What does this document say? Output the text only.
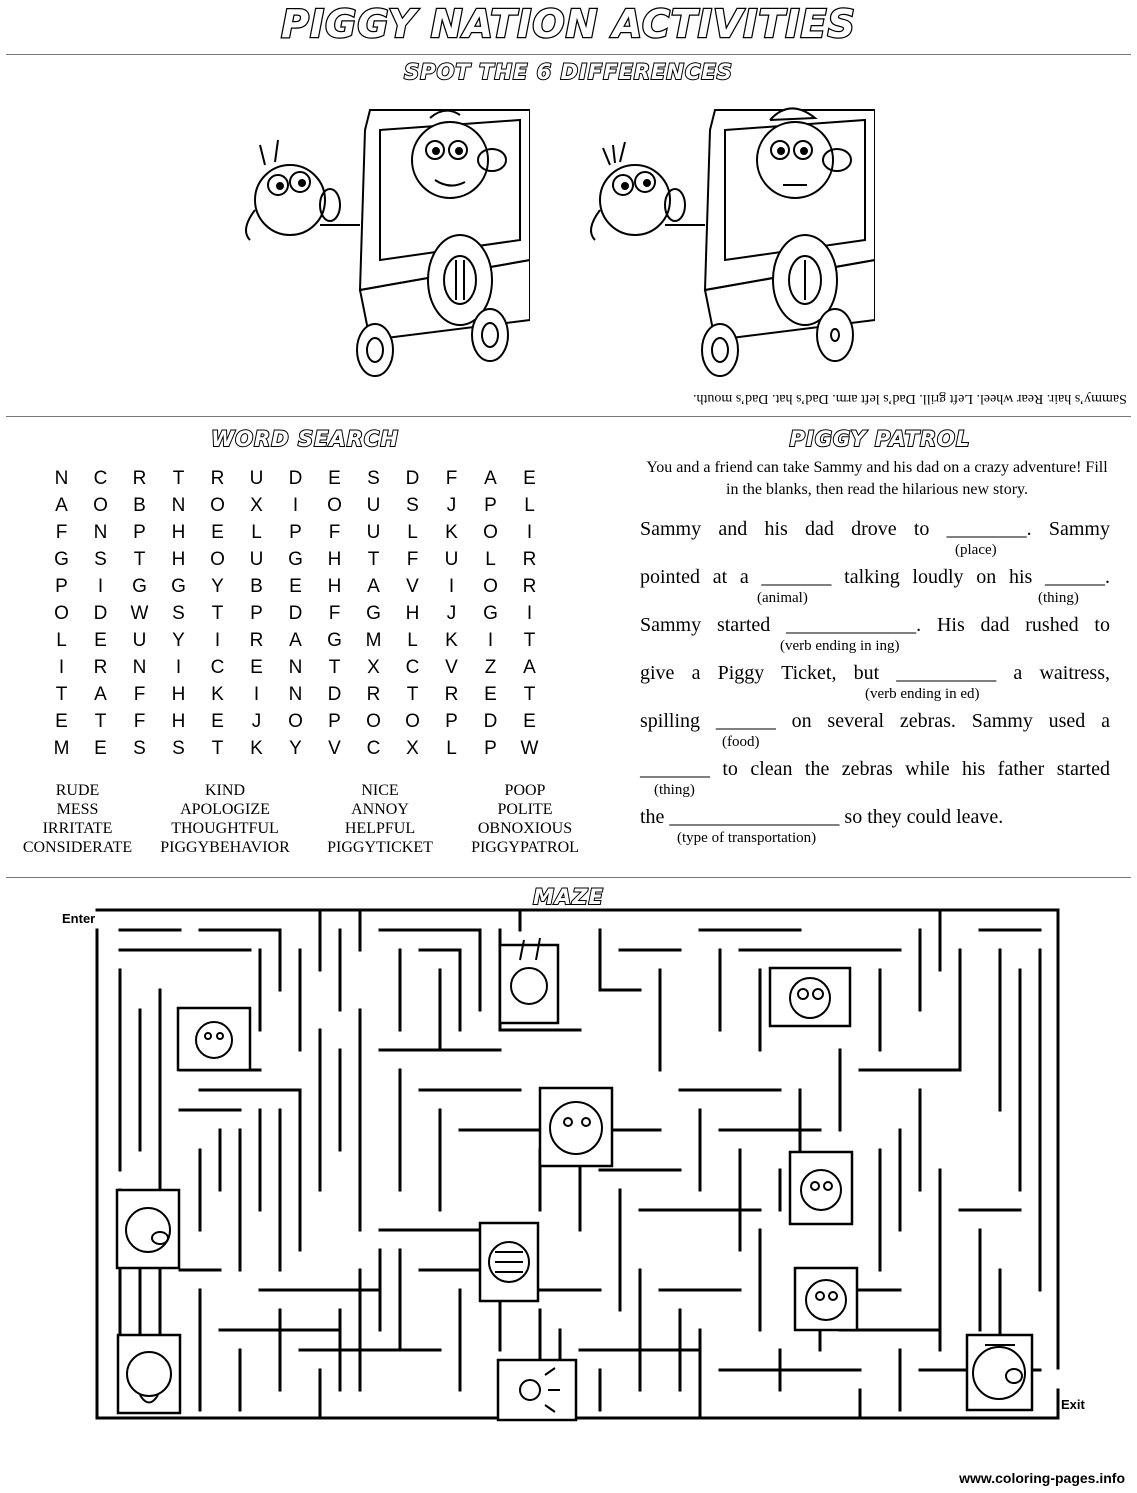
PIGGY NATION ACTIVITIES
SPOT THE 6 DIFFERENCES
Sammy’s hair. Rear wheel. Left grill. Dad’s left arm. Dad’s hat. Dad’s mouth.
WORD SEARCH
N	C	R	T	R	U	D	E	S	D	F	A	E
A	O	B	N	O	X	I	O	U	S	J	P	L
F	N	P	H	E	L	P	F	U	L	K	O	I
G	S	T	H	O	U	G	H	T	F	U	L	R
P	I	G	G	Y	B	E	H	A	V	I	O	R
O	D	W	S	T	P	D	F	G	H	J	G	I
L	E	U	Y	I	R	A	G	M	L	K	I	T
I	R	N	I	C	E	N	T	X	C	V	Z	A
T	A	F	H	K	I	N	D	R	T	R	E	T
E	T	F	H	E	J	O	P	O	O	P	D	E
M	E	S	S	T	K	Y	V	C	X	L	P	W
RUDE	KIND	NICE	POOP
MESS	APOLOGIZE	ANNOY	POLITE
IRRITATE	THOUGHTFUL	HELPFUL	OBNOXIOUS
CONSIDERATE	PIGGYBEHAVIOR	PIGGYTICKET	PIGGYPATROL
PIGGY PATROL
You and a friend can take Sammy and his dad on a crazy adventure! Fill in the blanks, then read the hilarious new story.
Sammy and his dad drove to ________. Sammy
(place)
pointed at a _______ talking loudly on his ______.
(animal)	(thing)
Sammy started _____________. His dad rushed to
(verb ending in ing)
give a Piggy Ticket, but __________ a waitress,
(verb ending in ed)
spilling ______ on several zebras. Sammy used a
(food)
_______ to clean the zebras while his father started
(thing)
the _________________ so they could leave.
(type of transportation)
MAZE
Enter
Exit
www.coloring-pages.info
